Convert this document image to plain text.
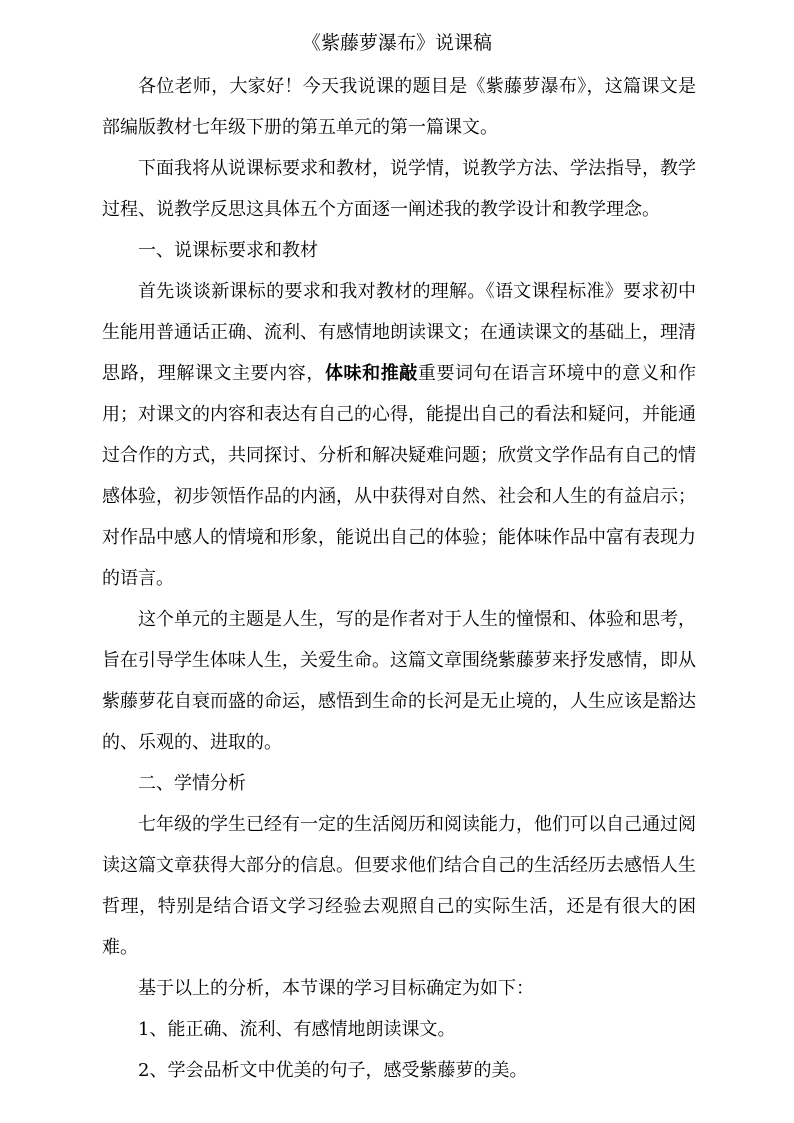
《紫藤萝瀑布》说课稿

各位老师，大家好！今天我说课的题目是《紫藤萝瀑布》，这篇课文是部编版教材七年级下册的第五单元的第一篇课文。

下面我将从说课标要求和教材，说学情，说教学方法、学法指导，教学过程、说教学反思这具体五个方面逐一阐述我的教学设计和教学理念。

一、说课标要求和教材

首先谈谈新课标的要求和我对教材的理解。《语文课程标准》要求初中生能用普通话正确、流利、有感情地朗读课文；在通读课文的基础上，理清思路，理解课文主要内容，体味和推敲重要词句在语言环境中的意义和作用；对课文的内容和表达有自己的心得，能提出自己的看法和疑问，并能通过合作的方式，共同探讨、分析和解决疑难问题；欣赏文学作品有自己的情感体验，初步领悟作品的内涵，从中获得对自然、社会和人生的有益启示；对作品中感人的情境和形象，能说出自己的体验；能体味作品中富有表现力的语言。

这个单元的主题是人生，写的是作者对于人生的憧憬和、体验和思考，旨在引导学生体味人生，关爱生命。这篇文章围绕紫藤萝来抒发感情，即从紫藤萝花自衰而盛的命运，感悟到生命的长河是无止境的，人生应该是豁达的、乐观的、进取的。

二、学情分析

七年级的学生已经有一定的生活阅历和阅读能力，他们可以自己通过阅读这篇文章获得大部分的信息。但要求他们结合自己的生活经历去感悟人生哲理，特别是结合语文学习经验去观照自己的实际生活，还是有很大的困难。

基于以上的分析，本节课的学习目标确定为如下：

1、能正确、流利、有感情地朗读课文。

2、学会品析文中优美的句子，感受紫藤萝的美。
